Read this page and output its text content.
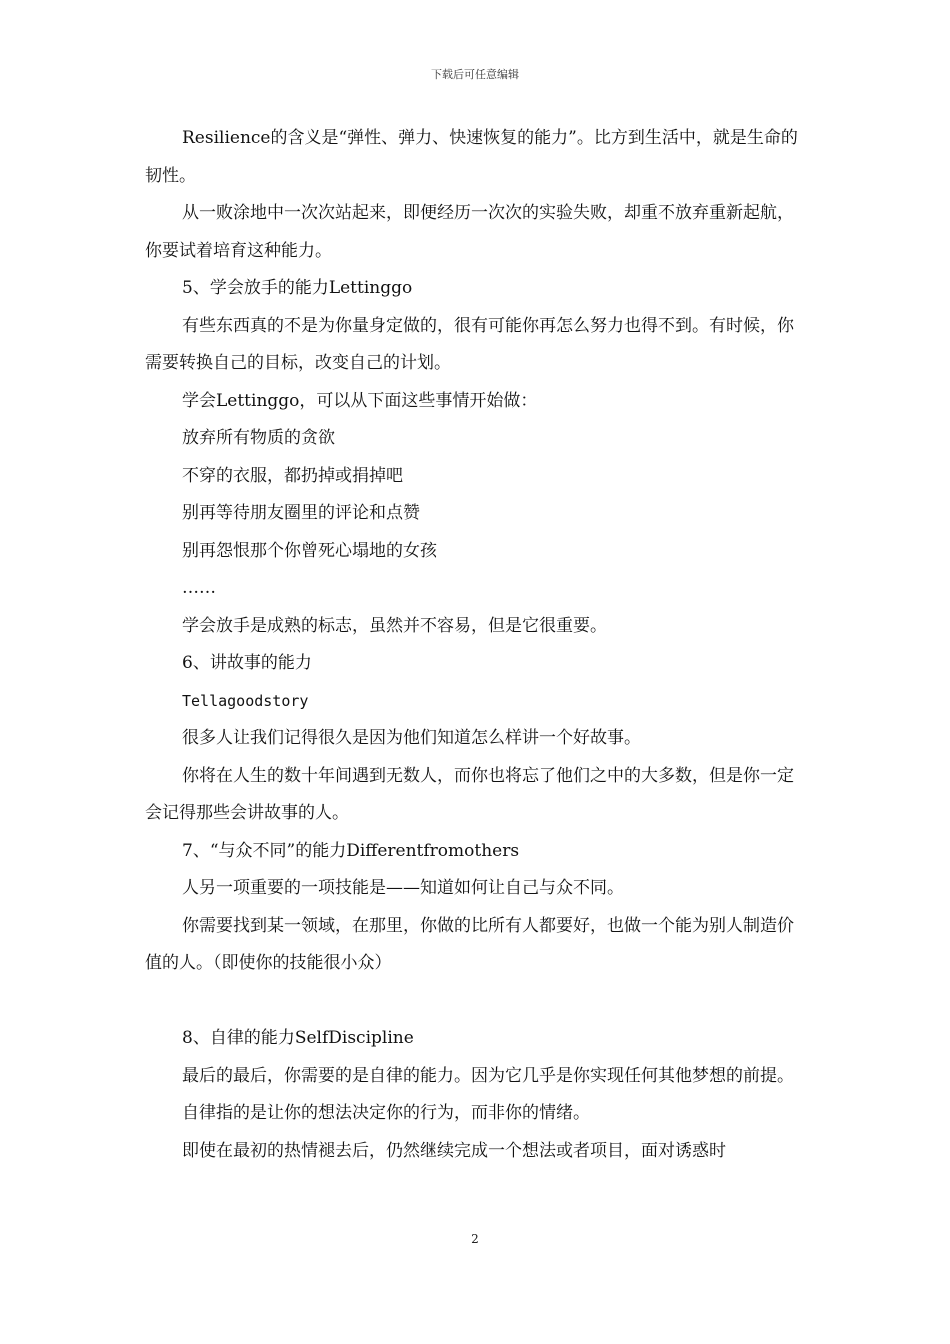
下载后可任意编辑

Resilience的含义是“弹性、弹力、快速恢复的能力”。比方到生活中，就是生命的韧性。

从一败涂地中一次次站起来，即便经历一次次的实验失败，却重不放弃重新起航，你要试着培育这种能力。

5、学会放手的能力Lettinggo

有些东西真的不是为你量身定做的，很有可能你再怎么努力也得不到。有时候，你需要转换自己的目标，改变自己的计划。

学会Lettinggo，可以从下面这些事情开始做：

放弃所有物质的贪欲

不穿的衣服，都扔掉或捐掉吧

别再等待朋友圈里的评论和点赞

别再怨恨那个你曾死心塌地的女孩

……

学会放手是成熟的标志，虽然并不容易，但是它很重要。

6、讲故事的能力

Tellagoodstory

很多人让我们记得很久是因为他们知道怎么样讲一个好故事。

你将在人生的数十年间遇到无数人，而你也将忘了他们之中的大多数，但是你一定会记得那些会讲故事的人。

7、“与众不同”的能力Differentfromothers

人另一项重要的一项技能是——知道如何让自己与众不同。

你需要找到某一领域，在那里，你做的比所有人都要好，也做一个能为别人制造价值的人。（即使你的技能很小众）

8、自律的能力SelfDiscipline

最后的最后，你需要的是自律的能力。因为它几乎是你实现任何其他梦想的前提。

自律指的是让你的想法决定你的行为，而非你的情绪。

即使在最初的热情褪去后，仍然继续完成一个想法或者项目，面对诱惑时

2
